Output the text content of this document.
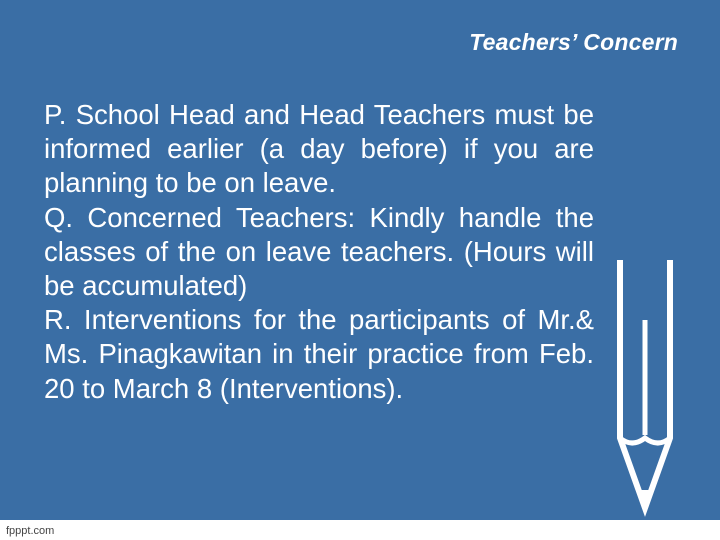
Teachers’ Concern

P. School Head and Head Teachers must be informed earlier (a day before) if you are planning to be on leave.

Q. Concerned Teachers: Kindly handle the classes of the on leave teachers. (Hours will be accumulated)

R. Interventions for the participants of Mr.& Ms. Pinagkawitan in their practice from Feb. 20 to March 8 (Interventions).

fpppt.com
